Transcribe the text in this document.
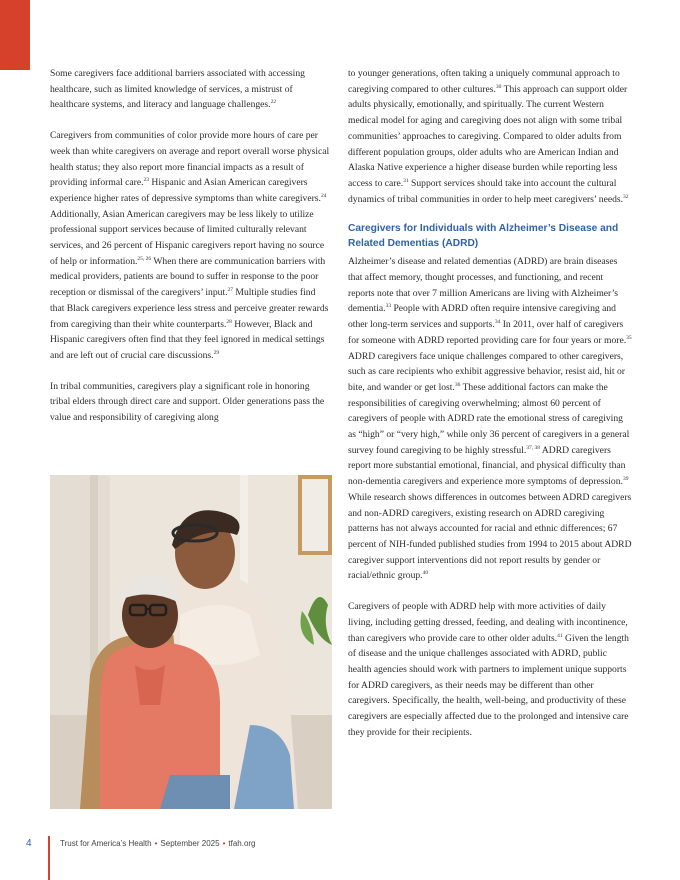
Some caregivers face additional barriers associated with accessing healthcare, such as limited knowledge of services, a mistrust of healthcare systems, and literacy and language challenges.$^{22}$

Caregivers from communities of color provide more hours of care per week than white caregivers on average and report overall worse physical health status; they also report more financial impacts as a result of providing informal care.$^{23}$ Hispanic and Asian American caregivers experience higher rates of depressive symptoms than white caregivers.$^{24}$ Additionally, Asian American caregivers may be less likely to utilize professional support services because of limited culturally relevant services, and 26 percent of Hispanic caregivers report having no source of help or information.$^{25, 26}$ When there are communication barriers with medical providers, patients are bound to suffer in response to the poor reception or dismissal of the caregivers’ input.$^{27}$ Multiple studies find that Black caregivers experience less stress and perceive greater rewards from caregiving than their white counterparts.$^{28}$ However, Black and Hispanic caregivers often find that they feel ignored in medical settings and are left out of crucial care discussions.$^{29}$

In tribal communities, caregivers play a significant role in honoring tribal elders through direct care and support. Older generations pass the value and responsibility of caregiving along

to younger generations, often taking a uniquely communal approach to caregiving compared to other cultures.$^{30}$ This approach can support older adults physically, emotionally, and spiritually. The current Western medical model for aging and caregiving does not align with some tribal communities’ approaches to caregiving. Compared to older adults from different population groups, older adults who are American Indian and Alaska Native experience a higher disease burden while reporting less access to care.$^{31}$ Support services should take into account the cultural dynamics of tribal communities in order to help meet caregivers’ needs.$^{32}$

Caregivers for Individuals with Alzheimer’s Disease and Related Dementias (ADRD)

Alzheimer’s disease and related dementias (ADRD) are brain diseases that affect memory, thought processes, and functioning, and recent reports note that over 7 million Americans are living with Alzheimer’s dementia.$^{33}$ People with ADRD often require intensive caregiving and other long-term services and supports.$^{34}$ In 2011, over half of caregivers for someone with ADRD reported providing care for four years or more.$^{35}$ ADRD caregivers face unique challenges compared to other caregivers, such as care recipients who exhibit aggressive behavior, resist aid, hit or bite, and wander or get lost.$^{36}$ These additional factors can make the responsibilities of caregiving overwhelming; almost 60 percent of caregivers of people with ADRD rate the emotional stress of caregiving as “high” or “very high,” while only 36 percent of caregivers in a general survey found caregiving to be highly stressful.$^{37, 38}$ ADRD caregivers report more substantial emotional, financial, and physical difficulty than non-dementia caregivers and experience more symptoms of depression.$^{39}$ While research shows differences in outcomes between ADRD caregivers and non-ADRD caregivers, existing research on ADRD caregiving patterns has not always accounted for racial and ethnic differences; 67 percent of NIH-funded published studies from 1994 to 2015 about ADRD caregiver support interventions did not report results by gender or racial/ethnic group.$^{40}$

Caregivers of people with ADRD help with more activities of daily living, including getting dressed, feeding, and dealing with incontinence, than caregivers who provide care to other older adults.$^{41}$ Given the length of disease and the unique challenges associated with ADRD, public health agencies should work with partners to implement unique supports for ADRD caregivers, as their needs may be different than other caregivers. Specifically, the health, well-being, and productivity of these caregivers are especially affected due to the prolonged and intensive care they provide for their recipients.

4	Trust for America’s Health • September 2025 • tfah.org
